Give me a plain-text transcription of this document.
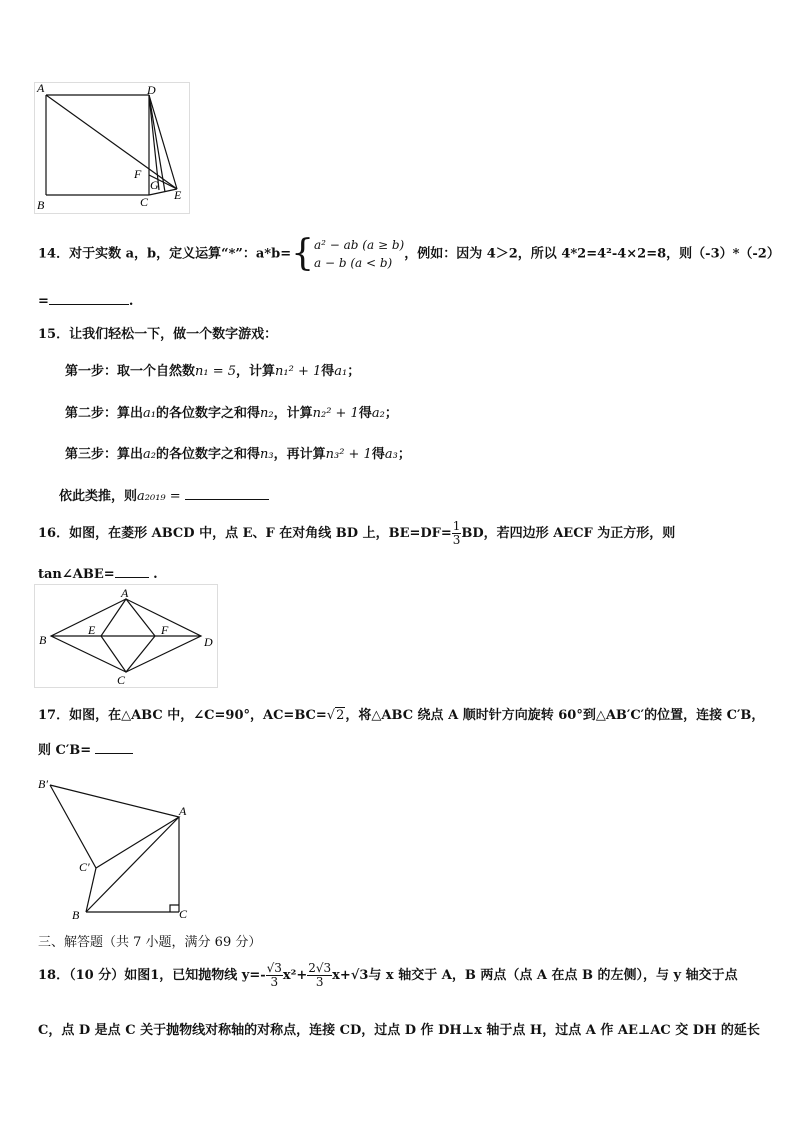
A	D
B	C E
F
G
14．对于实数 a，b，定义运算“*”：a*b={ a² − ab (a ≥ b)
a − b (a < b)
，例如：因为 4＞2，所以 4*2=4²-4×2=8，则（-3）*（-2）
=	.
15．让我们轻松一下，做一个数字游戏：
第一步：取一个自然数n₁ = 5，计算n₁² + 1得a₁；
第二步：算出a₁的各位数字之和得n₂，计算n₂² + 1得a₂；
第三步：算出a₂的各位数字之和得n₃，再计算n₃² + 1得a₃；
依此类推，则a₂₀₁₉ =
16．如图，在菱形 ABCD 中，点 E、F 在对角线 BD 上，$BE=DF= \frac{1}{3}$ BD，若四边形 AECF 为正方形，则
tan∠ABE=	.
A
B
C
D
E	F
17．如图，在△ABC 中，∠C=90°，AC=BC=√2，将△ABC 绕点 A 顺时针方向旋转 60°到△AB′C′的位置，连接 C′B，
则 C′B=
B′
A
C′
B	C
三、解答题（共 7 小题，满分 69 分）
18．（10 分）如图1，已知抛物线 $y=- \frac{√3}{3} x^2+ \frac{2√3}{3} x+√3$与 x 轴交于 A，B 两点（点 A 在点 B 的左侧），与 y 轴交于点
C，点 D 是点 C 关于抛物线对称轴的对称点，连接 CD，过点 D 作 DH⊥x 轴于点 H，过点 A 作 AE⊥AC 交 DH 的延长
